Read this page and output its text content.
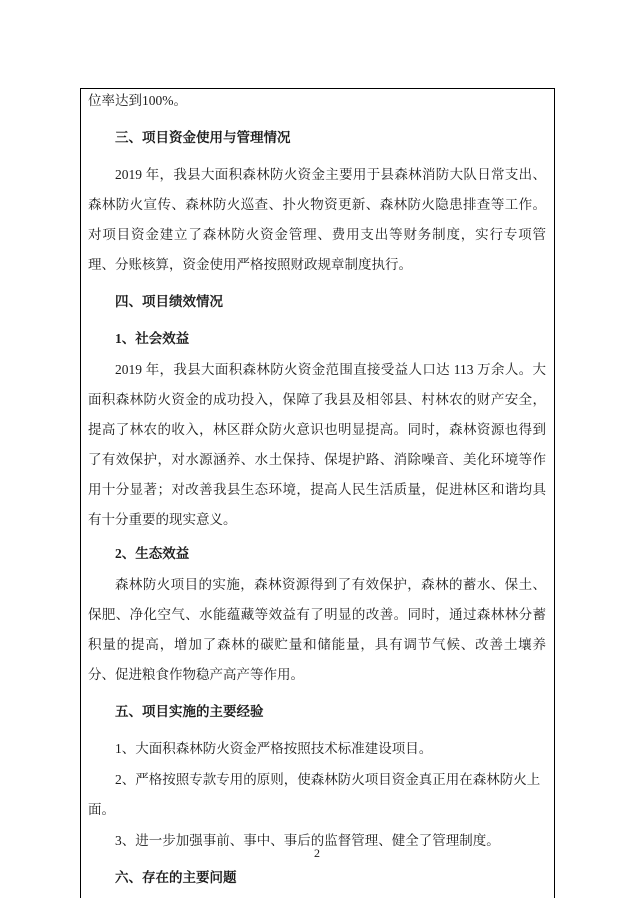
位率达到100%。

三、项目资金使用与管理情况

2019 年，我县大面积森林防火资金主要用于县森林消防大队日常支出、森林防火宣传、森林防火巡查、扑火物资更新、森林防火隐患排查等工作。对项目资金建立了森林防火资金管理、费用支出等财务制度，实行专项管理、分账核算，资金使用严格按照财政规章制度执行。

四、项目绩效情况

1、社会效益

2019 年，我县大面积森林防火资金范围直接受益人口达 113 万余人。大面积森林防火资金的成功投入，保障了我县及相邻县、村林农的财产安全，提高了林农的收入，林区群众防火意识也明显提高。同时，森林资源也得到了有效保护，对水源涵养、水土保持、保堤护路、消除噪音、美化环境等作用十分显著；对改善我县生态环境，提高人民生活质量，促进林区和谐均具有十分重要的现实意义。

2、生态效益

森林防火项目的实施，森林资源得到了有效保护，森林的蓄水、保土、保肥、净化空气、水能蕴藏等效益有了明显的改善。同时，通过森林林分蓄积量的提高，增加了森林的碳贮量和储能量，具有调节气候、改善土壤养分、促进粮食作物稳产高产等作用。

五、项目实施的主要经验

1、大面积森林防火资金严格按照技术标准建设项目。

2、严格按照专款专用的原则，使森林防火项目资金真正用在森林防火上面。

3、进一步加强事前、事中、事后的监督管理、健全了管理制度。

六、存在的主要问题

2
